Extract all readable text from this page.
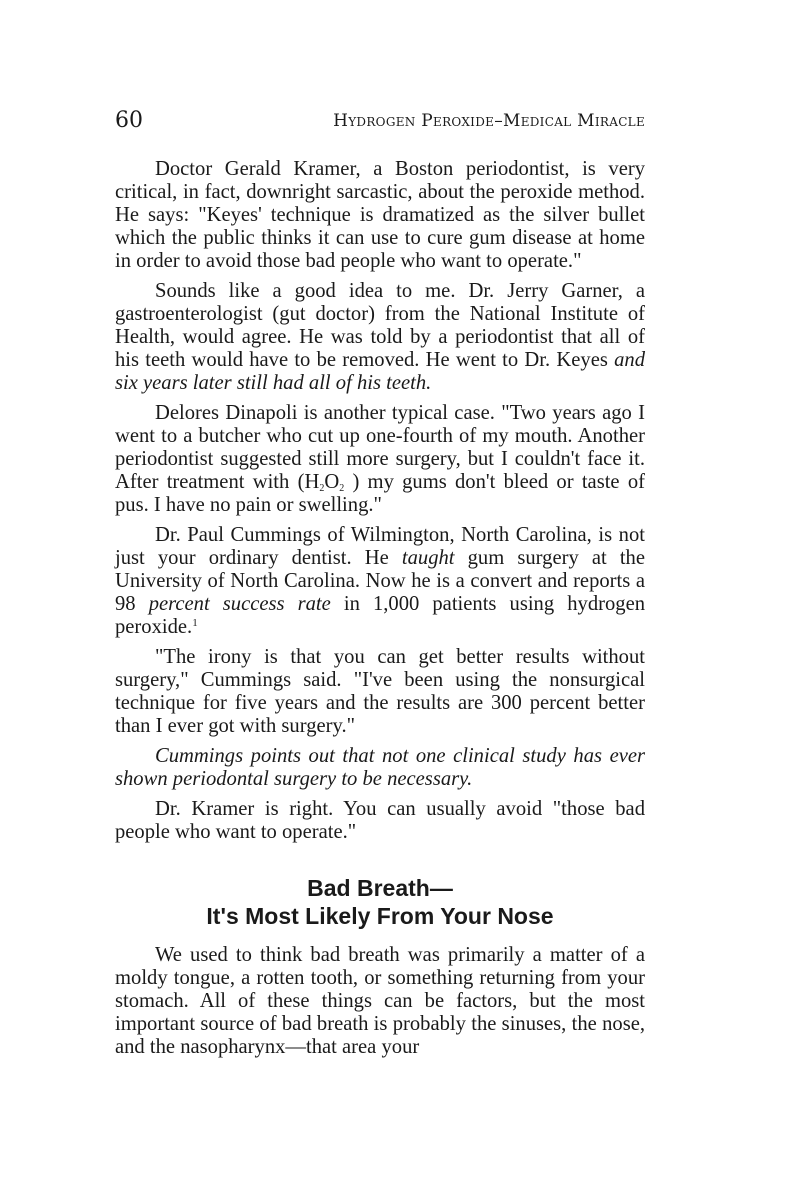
60	Hydrogen Peroxide–Medical Miracle

Doctor Gerald Kramer, a Boston periodontist, is very critical, in fact, downright sarcastic, about the peroxide method. He says: "Keyes' technique is dramatized as the silver bullet which the public thinks it can use to cure gum disease at home in order to avoid those bad people who want to operate."

Sounds like a good idea to me. Dr. Jerry Garner, a gastroenterologist (gut doctor) from the National Institute of Health, would agree. He was told by a periodontist that all of his teeth would have to be removed. He went to Dr. Keyes and six years later still had all of his teeth.

Delores Dinapoli is another typical case. "Two years ago I went to a butcher who cut up one-fourth of my mouth. Another periodontist suggested still more surgery, but I couldn't face it. After treatment with ($H_2O_2$ ) my gums don't bleed or taste of pus. I have no pain or swelling."

Dr. Paul Cummings of Wilmington, North Carolina, is not just your ordinary dentist. He taught gum surgery at the University of North Carolina. Now he is a convert and reports a 98 percent success rate in 1,000 patients using hydrogen peroxide.$^1$

"The irony is that you can get better results without surgery," Cummings said. "I've been using the nonsurgical technique for five years and the results are 300 percent better than I ever got with surgery."

Cummings points out that not one clinical study has ever shown periodontal surgery to be necessary.

Dr. Kramer is right. You can usually avoid "those bad people who want to operate."

Bad Breath—
It's Most Likely From Your Nose

We used to think bad breath was primarily a matter of a moldy tongue, a rotten tooth, or something returning from your stomach. All of these things can be factors, but the most important source of bad breath is probably the sinuses, the nose, and the nasopharynx—that area your
